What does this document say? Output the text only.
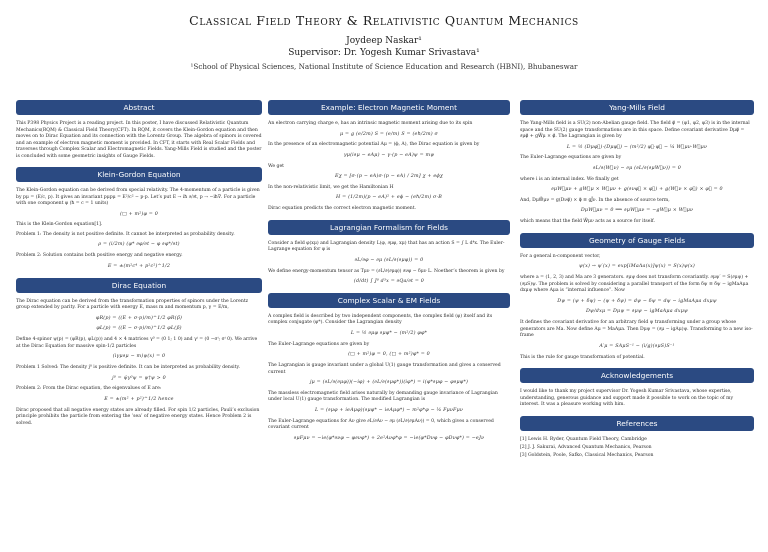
Classical Field Theory & Relativistic Quantum Mechanics
Joydeep Naskar¹
Supervisor: Dr. Yogesh Kumar Srivastava¹
¹School of Physical Sciences, National Institute of Science Education and Research (HBNI), Bhubaneswar
Abstract

This P398 Physics Project is a reading project. In this poster, I have discussed Relativistic Quantum Mechanics(RQM) & Classical Field Theory(CFT). In RQM, it covers the Klein-Gordon equation and then moves on to Dirac Equation and its connection with the Lorentz Group. The algebra of spinors is covered and an example of electron magnetic moment is provided. In CFT, it starts with Real Scalar Fields and traverses through Complex Scalar and Electromagnetic Fields. Yang-Mills Field is studied and the poster is concluded with some geometric insights of Gauge Fields.

Klein-Gordon Equation

The Klein-Gordon equation can be derived from special relativity. The 4-momentum of a particle is given by pμ = (E/c, p). It gives an invariant pμpμ = E²/c² − p·p. Let’s put E → iħ ∂/∂t, p → −iħ∇. For a particle with one component φ (ħ = c = 1 units)

(□ + m²)φ = 0

This is the Klein-Gordon equation[1].

Problem 1: The density is not positive definite. It cannot be interpreted as probability density.

ρ = (i/2m) (φ* ∂φ/∂t − φ ∂φ*/∂t)

Problem 2: Solution contains both positive energy and negative energy.

E = ±(m²c⁴ + p²c²)^1/2
Dirac Equation

The Dirac equation can be derived from the transformation properties of spinors under the Lorentz group extended by parity. For a particle with energy E, mass m and momentum p, γ = E/m,

φR(p) = ((E + σ·p)/m)^1/2 φR(p̃)
φL(p) = ((E − σ·p)/m)^1/2 φL(p̃)

Define 4-spinor ψ(p) = (φR(p), φL(p)) and 4 × 4 matrices γ⁰ = (0 1; 1 0) and γⁱ = (0 −σⁱ; σⁱ 0). We arrive at the Dirac Equation for massive spin-1/2 particles

(iγμ∂μ − m)ψ(x) = 0

Problem 1 Solved: The density j⁰ is positive definite. It can be interpreted as probability density.

j⁰ = ψ̄γ⁰ψ = ψ†ψ > 0

Problem 2: From the Dirac equation, the eigenvalues of E are:

E = ±(m² + p²)^1/2 hence

Dirac proposed that all negative energy states are already filled. For spin 1/2 particles, Pauli’s exclusion principle prohibits the particle from entering the ‘sea’ of negative energy states. Hence Problem 2 is solved.

Example: Electron Magnetic Moment

An electron carrying charge e, has an intrinsic magnetic moment arising due to its spin

μ = g (e/2m) S = (e/m) S = (eħ/2m) σ

In the presence of an electromagnetic potential Aμ = (ϕ, A), the Dirac equation is given by

γμ(i∂μ − eAμ) − γ·(p − eA)ψ = mψ

We get

Eχ = [σ·(p − eA)σ·(p − eA) / 2m] χ + eϕχ

In the non-relativistic limit, we get the Hamiltonian H

H = (1/2m)(p − eA)² + eϕ − (eħ/2m) σ·B

Dirac equation predicts the correct electron magnetic moment.

Lagrangian Formalism for Fields

Consider a field φ(xμ) and Lagrangian density L(φ, ∂μφ, xμ) that has an action S = ∫ L d⁴x. The Euler-Lagrange equation for φ is

∂L/∂φ − ∂μ (∂L/∂(∂μφ)) = 0

We define energy-momentum tensor as Tμν = (∂L/∂(∂μφ)) ∂νφ − δμν L. Noether’s theorem is given by

(d/dt) ∫ J⁰ d³x = ∂Qa/∂t = 0
Complex Scalar & EM Fields

A complex field is described by two independent components, the complex field (φ) itself and its complex conjugate (φ*). Consider the Lagrangian density

L = ½ ∂μφ ∂μφ* − (m²/2) φφ*

The Euler-Lagrange equations are given by

(□ + m²)φ = 0, (□ + m²)φ* = 0

The Lagrangian is gauge invariant under a global U(1) gauge transformation and gives a conserved current

jμ = (∂L/∂(∂μφ))(−iφ) + (∂L/∂(∂μφ*))(iφ*) = i(φ*∂μφ − φ∂μφ*)

The massless electromagnetic field arises naturally by demanding gauge invariance of Lagrangian under local U(1) gauge transformation. The modified Lagrangian is

L = (∂μφ + ieAμφ)(∂μφ* − ieAμφ*) − m²φ*φ − ¼ FμνFμν

The Euler-Lagrange equations for Aν give ∂L/∂Aν − ∂μ (∂L/∂(∂μAν)) = 0, which gives a conserved covariant current

∂μFμν = −ie(φ*∂νφ − φ∂νφ*) + 2e²Aνφ*φ = −ie(φ*Dνφ − φDνφ*) = −eJν
Yang-Mills Field

The Yang-Mills field is a SU(2) non-Abelian gauge field. The field φ⃗ = (φ1, φ2, φ3) is in the internal space and the SU(2) gauge transformations are in this space. Define covariant derivative Dμφ⃗ = ∂μφ⃗ + gW⃗μ × φ⃗. The Lagrangian is given by

L = ½ (Dμφ⃗)·(Dμφ⃗) − (m²/2) φ⃗·φ⃗ − ¼ W⃗μν·W⃗μν

The Euler-Lagrange equations are given by

∂L/∂(W⃗ν) − ∂μ (∂L/∂(∂μW⃗ν)) = 0

where i is an internal index. We finally get

∂μW⃗μν + gW⃗μ × W⃗μν + g(∂νφ⃗ × φ⃗) + g(W⃗ν × φ⃗) × φ⃗ = 0

And, DμW⃗μν = g(Dνφ⃗) × φ⃗ ≡ gJ⃗ν. In the absence of source term,

DμW⃗μν = 0 ⟹ ∂μW⃗μν = −gW⃗μ × W⃗μν

which means that the field W⃗μν acts as a source for itself.

Geometry of Gauge Fields

For a general n-component vector,

ψ(x) → ψ′(x) = exp[iMaΛa(x)]ψ(x) = S(x)ψ(x)

where a = (1, 2, 3) and Ma are 3 generators. ∂μψ does not transform covariantly. ∂μψ′ = S(∂μψ) + (∂μS)ψ. The problem is solved by considering a parallel transport of the form δψ ≡ δψ − igMaAμa dxμψ where Aμa is “internal influence”. Now

Dψ = (ψ + δψ) − (ψ + δψ) = dψ − δψ = dψ − igMaAμa dxμψ
Dψ/dxμ = Dμψ = ∂μψ − igMaAμa dxμψ

It defines the covariant derivative for an arbitrary field ψ transforming under a group whose generators are Ma. Now define Aμ = MaAμa. Then Dμψ = (∂μ − igAμ)ψ. Transforming to a new iso-frame

A′μ = SAμS⁻¹ − (i/g)(∂μS)S⁻¹

This is the rule for gauge transformation of potential.

Acknowledgements

I would like to thank my project supervisor Dr. Yogesh Kumar Srivastava, whose expertise, understanding, generous guidance and support made it possible to work on the topic of my interest. It was a pleasure working with him.

References
[1] Lewis H. Ryder, Quantum Field Theory, Cambridge
[2] J. J. Sakurai, Advanced Quantum Mechanics, Pearson
[3] Goldstein, Poole, Safko, Classical Mechanics, Pearson
